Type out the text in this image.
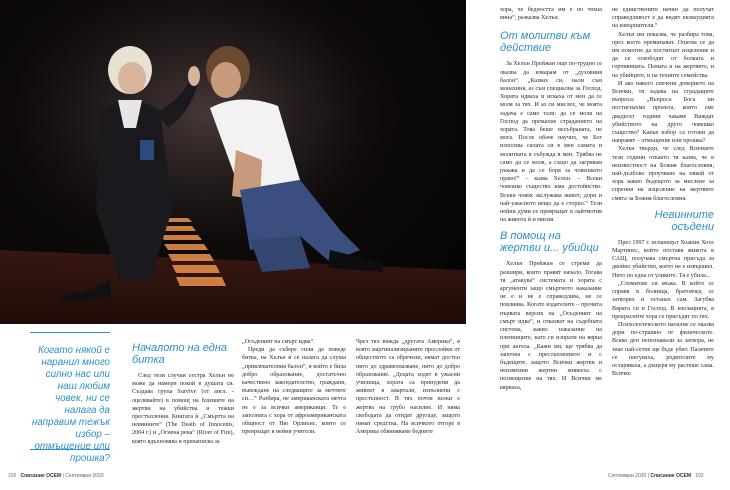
Когато някой е наранил много силно нас или наш любим човек, ни се налага да направим тежък избор – отмъщение или прошка?
Началото на една битка

След тези случаи сестра Хелън не може да намери покой в душата си. Създава група Survive (от англ. - оцелявайте) в помощ на близките на жертви на убийства и тежки престъпления. Книгата ѝ „Смъртта на невинните“ (The Death of Innocents, 2004 г.) и „Огнена река“ (River of Fire), която вдъхновява и пренаписва за

„Осъденият на смърт идва“.

Преди да събере сили да поведе битка, на Хелън ѝ се налага да слуша „привлекателния балон“, в който е била добро образование, достатъчно качествено закондателство, граждани, въвеждане на следващите за мечтите си…“ Разбира, не американската мечта не е за всички американци. Те е запозната с хора от афроамериканската общност от Ню Орлиънс, които се превръщат в нейни учители.

Чрез тях вижда „другата Америка“, в която маргинализираните прослойки от обществото са обречени, нямат достъп нито до здравеопазване, нито до добро образование. „Децата ходят в ужасни училища, хората са принудени да живеят в квартали, изпълнени с престъпност. В тях почти всеки е жертва на грубо насилие. И няма свободата да отидат другаде, защото нямат средства. На всичкото отгоре в Америка обвиняваме бедните

хора, че бедността им е по тяхна вина“, разказва Хелън.

От молитви към действие

За Хелън Прейжан още по-трудно се оказва да изкарам от „духовния балон“. „Казвах си, нали съм монахиня, аз съм специална за Господ. Хората идваха и искаха от мен да се моля за тях. И аз си мислех, че моята задача е само тази: да се моля на Господ да премахне страданието на хората. Това беше несъбраната, не мога. После обаче научих, че Бог използва силата си в мен самата и молитвата я събужда в мен. Трябва не само да се моля, а също да загрявам ръкава и да се боря за човешкото право!“ – казва Хелън. – Всеки човешко същество има достойнство. Всеки човек заслужава живот, дори и най-ужасното нещо да е сторил.“ Тези нейни думи се превръщат в лайтмотив на живота ѝ и мисия.

В помощ на жертви и... убийци

Хелън Прейжан се стреми да разшири, които правят начало. Тогава тя „атакува“ системата и хората с аргументи защо смъртното наказание не е и не е справедлива, не се повлиява. Когато издателите – прочита първата версия на „Осъденият на смърт идва“, и отказват на съдебната система, какво наказание на пленниците, като ги изпрати на вярна при ангела. „Кажи ми, ще трябва да започна с престъплението и с бъдещите, защото Всички жертви и неизменни жертви живееха с посвещение на тях. И Всички ме вярваха,

не единствените начин да получат справедливост е да видят екзекуцията на извършителя.“

Хелън им показва, че разбира това, през което преминават. Опитва се да им помогне да постигнат изцеление и да се освободят от болката и горчивината. Помага и на жертвите, и на убийците, и на техните семейства.

И ако някого спечени доверието на Всички, тя задава на страдащите въпроса: „Въпроса Бога ни постигнахме проекта, които сме двадесет години чакаме Виждат убийството на друго човешко същество? Какъв избор са готови да направят – отмъщение или прошка?

Хелън твърди, че след Всичките тези години откакто тя казва, че в неизвестност на Божия благословия, най-дълбоко проучване на някой от хора какво бъдещото за мислене за спрения на изцеление на жертвите смята за Божия благословия.

Невинните осъдени

През 1997 г. испанецът Хоакин Хосе Мартинес, който поставя живота в САЩ, получава смъртна присъда за двойно убийство, което не е извършил. Нито по една от уликите. Тя е убила...

„Сломихме си мъжа. В който се справя в болница, братовчед се затворих и останах сам. Загубва Вярата си в Господ. В изолацията, в прекрасните хора се присъдят по тях.

Психологическото насилие се оказва дори по-страшно от физическото. Всяко ден непознавали за затвора, не знае най-сетне ще бъде убит. Пазачите се шегуваха, родителите му остаряваха, а дъщеря му растеше сама. Всичко

102 Списание ОСЕМ | Септември 2020	Септември 2020 | Списание ОСЕМ 103
